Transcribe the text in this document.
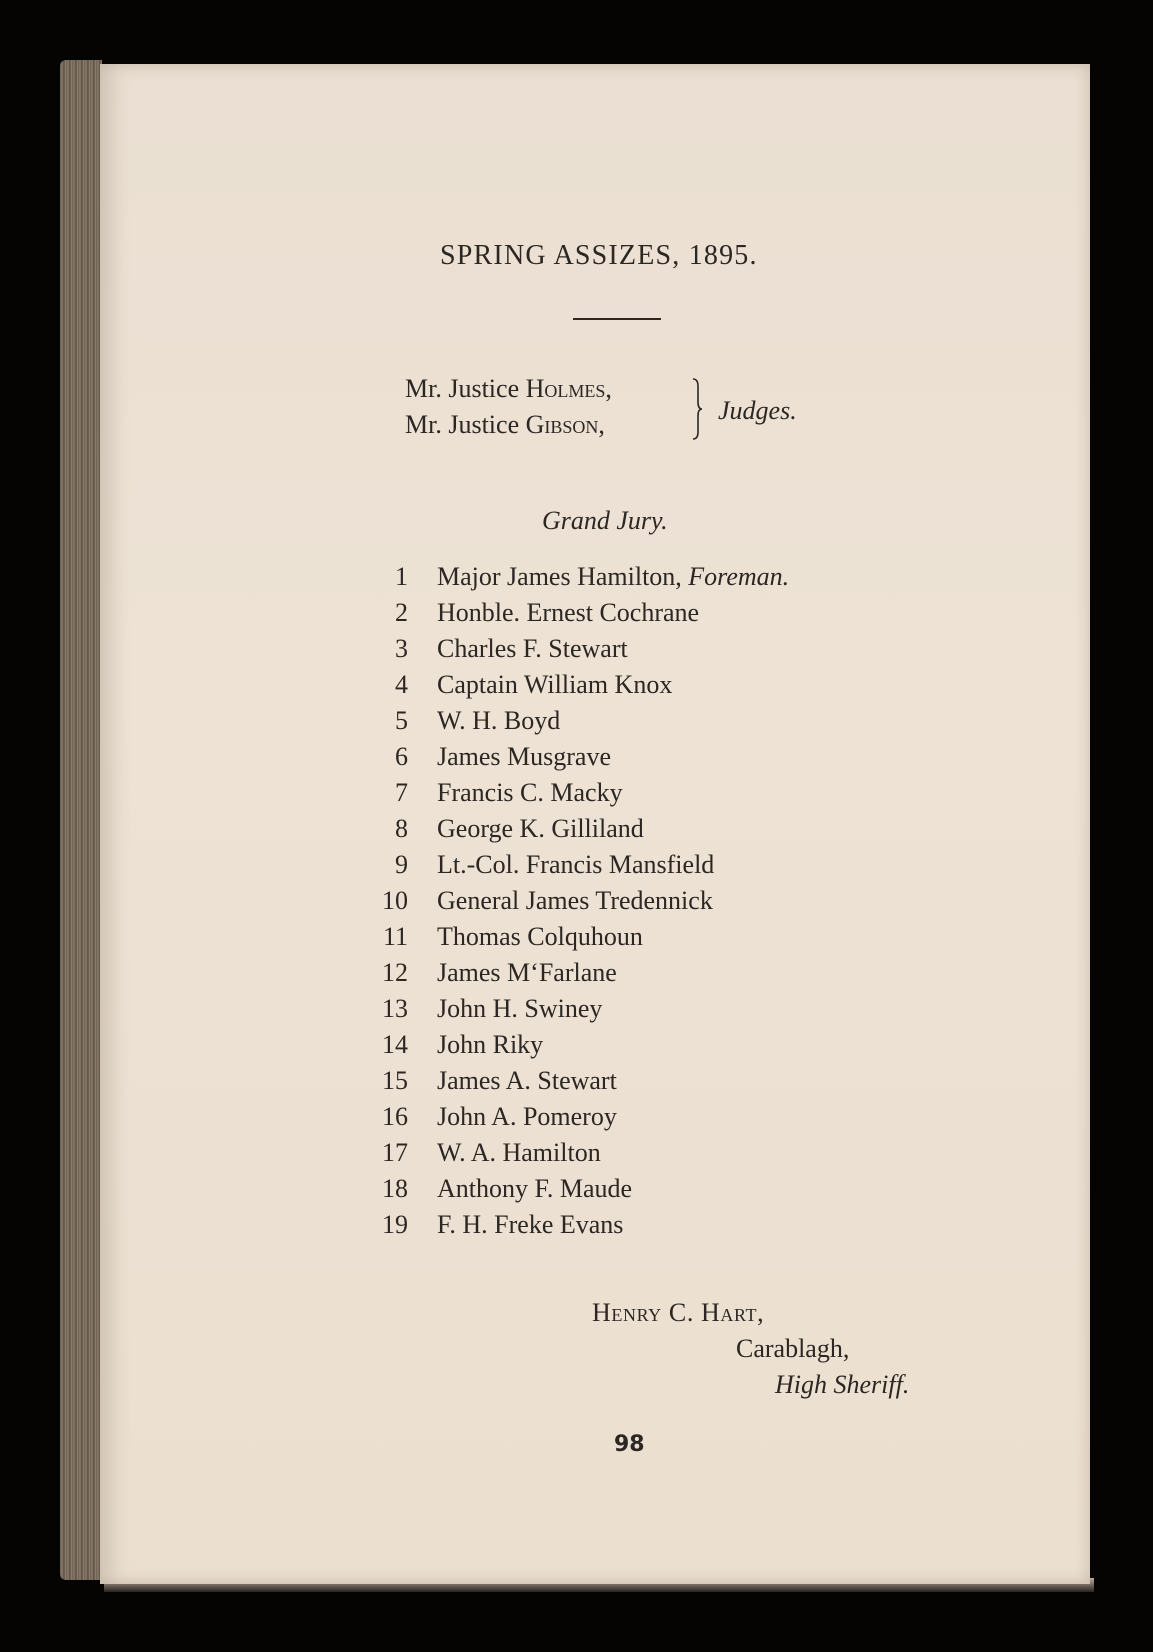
SPRING ASSIZES, 1895.
Mr. Justice Holmes,
Mr. Justice Gibson,	Judges.
Grand Jury.
1 Major James Hamilton, Foreman.
2 Honble. Ernest Cochrane
3 Charles F. Stewart
4 Captain William Knox
5 W. H. Boyd
6 James Musgrave
7 Francis C. Macky
8 George K. Gilliland
9 Lt.-Col. Francis Mansfield
10 General James Tredennick
11 Thomas Colquhoun
12 James M‘Farlane
13 John H. Swiney
14 John Riky
15 James A. Stewart
16 John A. Pomeroy
17 W. A. Hamilton
18 Anthony F. Maude
19 F. H. Freke Evans
Henry C. Hart,
Carablagh,
High Sheriff.
98
